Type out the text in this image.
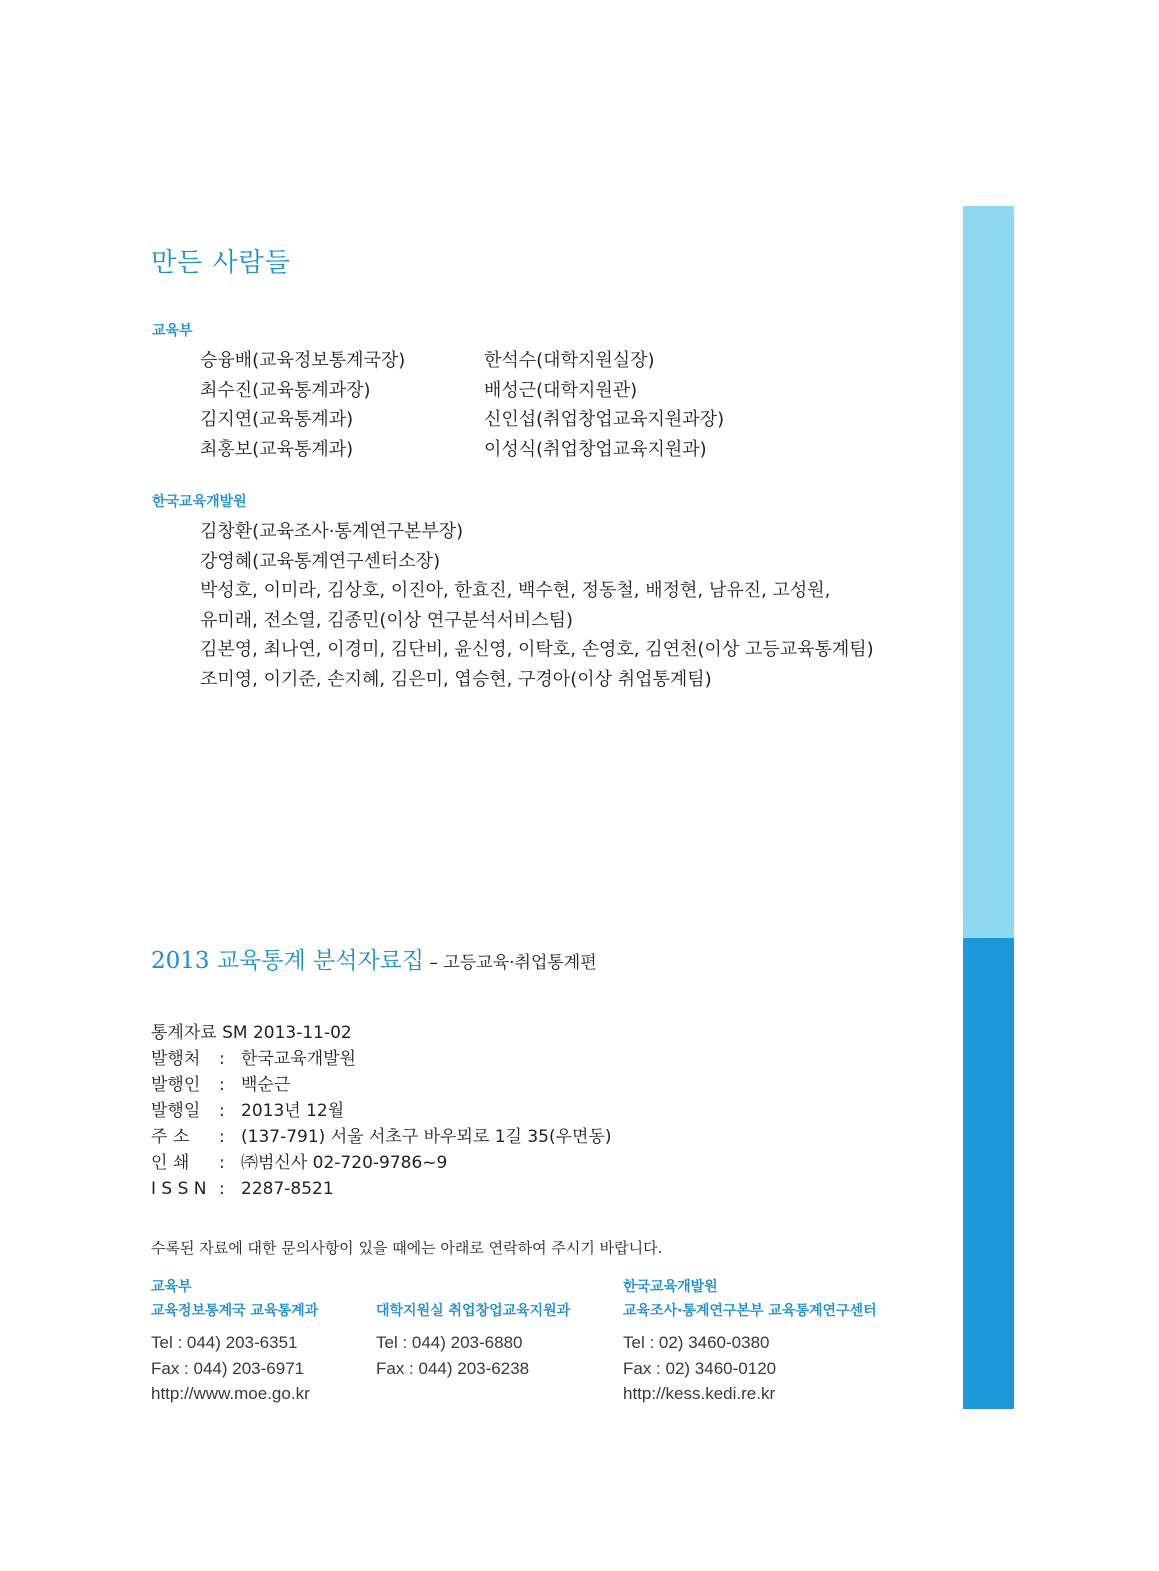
만든 사람들
교육부
승융배(교육정보통계국장)
최수진(교육통계과장)
김지연(교육통계과)
최홍보(교육통계과)
한석수(대학지원실장)
배성근(대학지원관)
신인섭(취업창업교육지원과장)
이성식(취업창업교육지원과)
한국교육개발원
김창환(교육조사·통계연구본부장)
강영혜(교육통계연구센터소장)
박성호, 이미라, 김상호, 이진아, 한효진, 백수현, 정동철, 배정현, 남유진, 고성원,
유미래, 전소열, 김종민(이상 연구분석서비스팀)
김본영, 최나연, 이경미, 김단비, 윤신영, 이탁호, 손영호, 김연천(이상 고등교육통계팀)
조미영, 이기준, 손지혜, 김은미, 엽승현, 구경아(이상 취업통계팀)
2013 교육통계 분석자료집 – 고등교육·취업통계편
통계자료 SM 2013-11-02
발행처 : 한국교육개발원
발행인 : 백순근
발행일 : 2013년 12월
주 소 : (137-791) 서울 서초구 바우뫼로 1길 35(우면동)
인 쇄 : ㈜범신사 02-720-9786~9
I S S N : 2287-8521
수록된 자료에 대한 문의사항이 있을 때에는 아래로 연락하여 주시기 바랍니다.
교육부
교육정보통계국 교육통계과
Tel : 044) 203-6351
Fax : 044) 203-6971
http://www.moe.go.kr
대학지원실 취업창업교육지원과
Tel : 044) 203-6880
Fax : 044) 203-6238
한국교육개발원
교육조사·통계연구본부 교육통계연구센터
Tel : 02) 3460-0380
Fax : 02) 3460-0120
http://kess.kedi.re.kr
